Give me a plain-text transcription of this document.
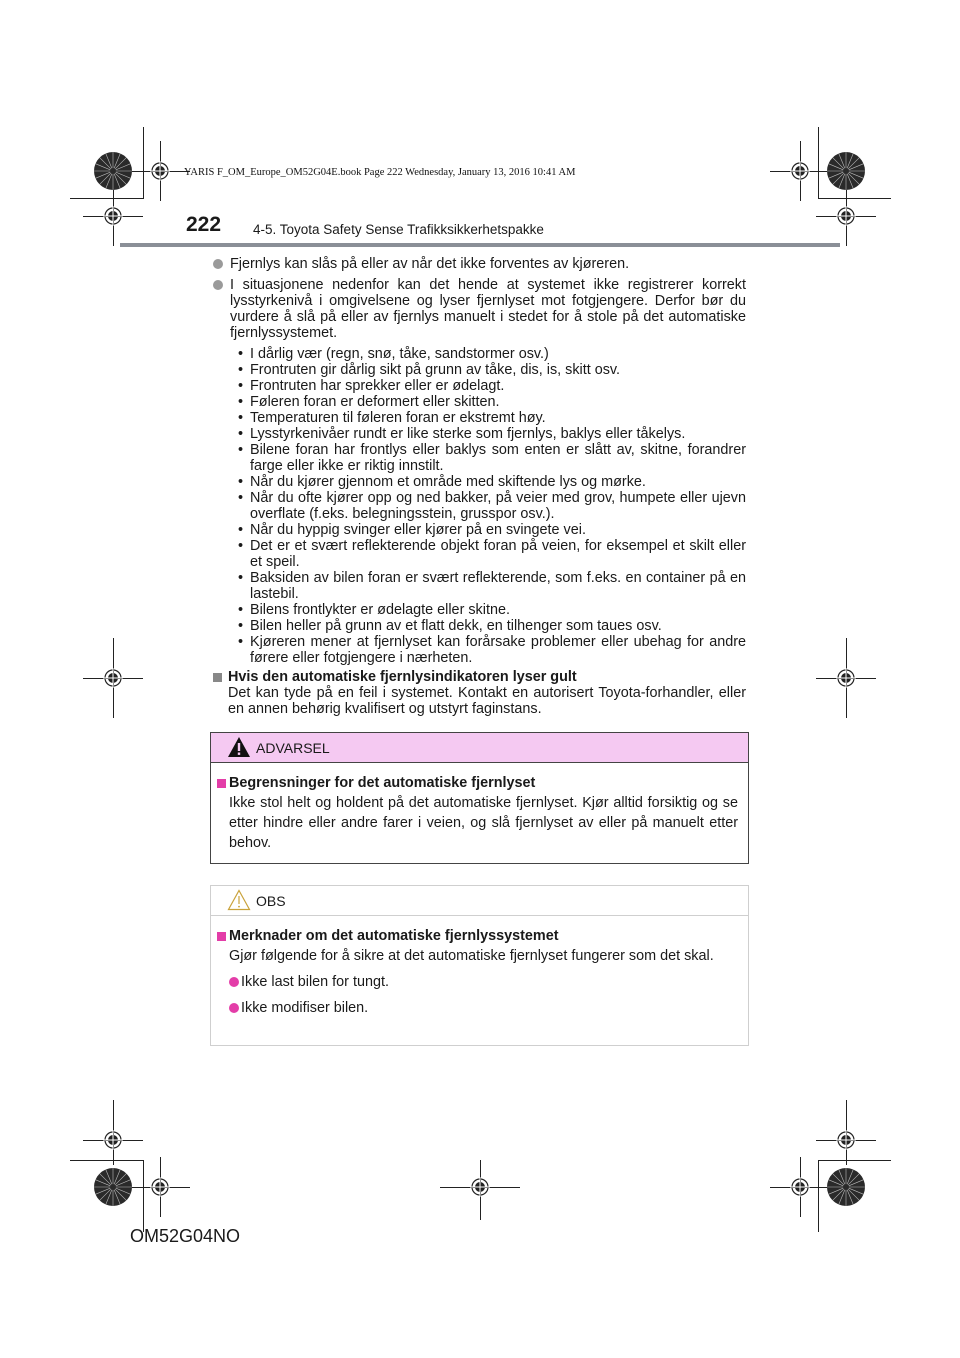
YARIS F_OM_Europe_OM52G04E.book Page 222 Wednesday, January 13, 2016 10:41 AM
222 4-5. Toyota Safety Sense Trafikksikkerhetspakke
Fjernlys kan slås på eller av når det ikke forventes av kjøreren.
I situasjonene nedenfor kan det hende at systemet ikke registrerer korrekt lysstyrkenivå i omgivelsene og lyser fjernlyset mot fotgjengere. Derfor bør du vurdere å slå på eller av fjernlys manuelt i stedet for å stole på det automatiske fjernlyssystemet.
• I dårlig vær (regn, snø, tåke, sandstormer osv.)
• Frontruten gir dårlig sikt på grunn av tåke, dis, is, skitt osv.
• Frontruten har sprekker eller er ødelagt.
• Føleren foran er deformert eller skitten.
• Temperaturen til føleren foran er ekstremt høy.
• Lysstyrkenivåer rundt er like sterke som fjernlys, baklys eller tåkelys.
• Bilene foran har frontlys eller baklys som enten er slått av, skitne, forandrer farge eller ikke er riktig innstilt.
• Når du kjører gjennom et område med skiftende lys og mørke.
• Når du ofte kjører opp og ned bakker, på veier med grov, humpete eller ujevn overflate (f.eks. belegningsstein, grusspor osv.).
• Når du hyppig svinger eller kjører på en svingete vei.
• Det er et svært reflekterende objekt foran på veien, for eksempel et skilt eller et speil.
• Baksiden av bilen foran er svært reflekterende, som f.eks. en container på en lastebil.
• Bilens frontlykter er ødelagte eller skitne.
• Bilen heller på grunn av et flatt dekk, en tilhenger som taues osv.
• Kjøreren mener at fjernlyset kan forårsake problemer eller ubehag for andre førere eller fotgjengere i nærheten.
Hvis den automatiske fjernlysindikatoren lyser gult
Det kan tyde på en feil i systemet. Kontakt en autorisert Toyota-forhandler, eller en annen behørig kvalifisert og utstyrt faginstans.
ADVARSEL
Begrensninger for det automatiske fjernlyset
Ikke stol helt og holdent på det automatiske fjernlyset. Kjør alltid forsiktig og se etter hindre eller andre farer i veien, og slå fjernlyset av eller på manuelt etter behov.
OBS
Merknader om det automatiske fjernlyssystemet
Gjør følgende for å sikre at det automatiske fjernlyset fungerer som det skal.
Ikke last bilen for tungt.
Ikke modifiser bilen.
OM52G04NO
